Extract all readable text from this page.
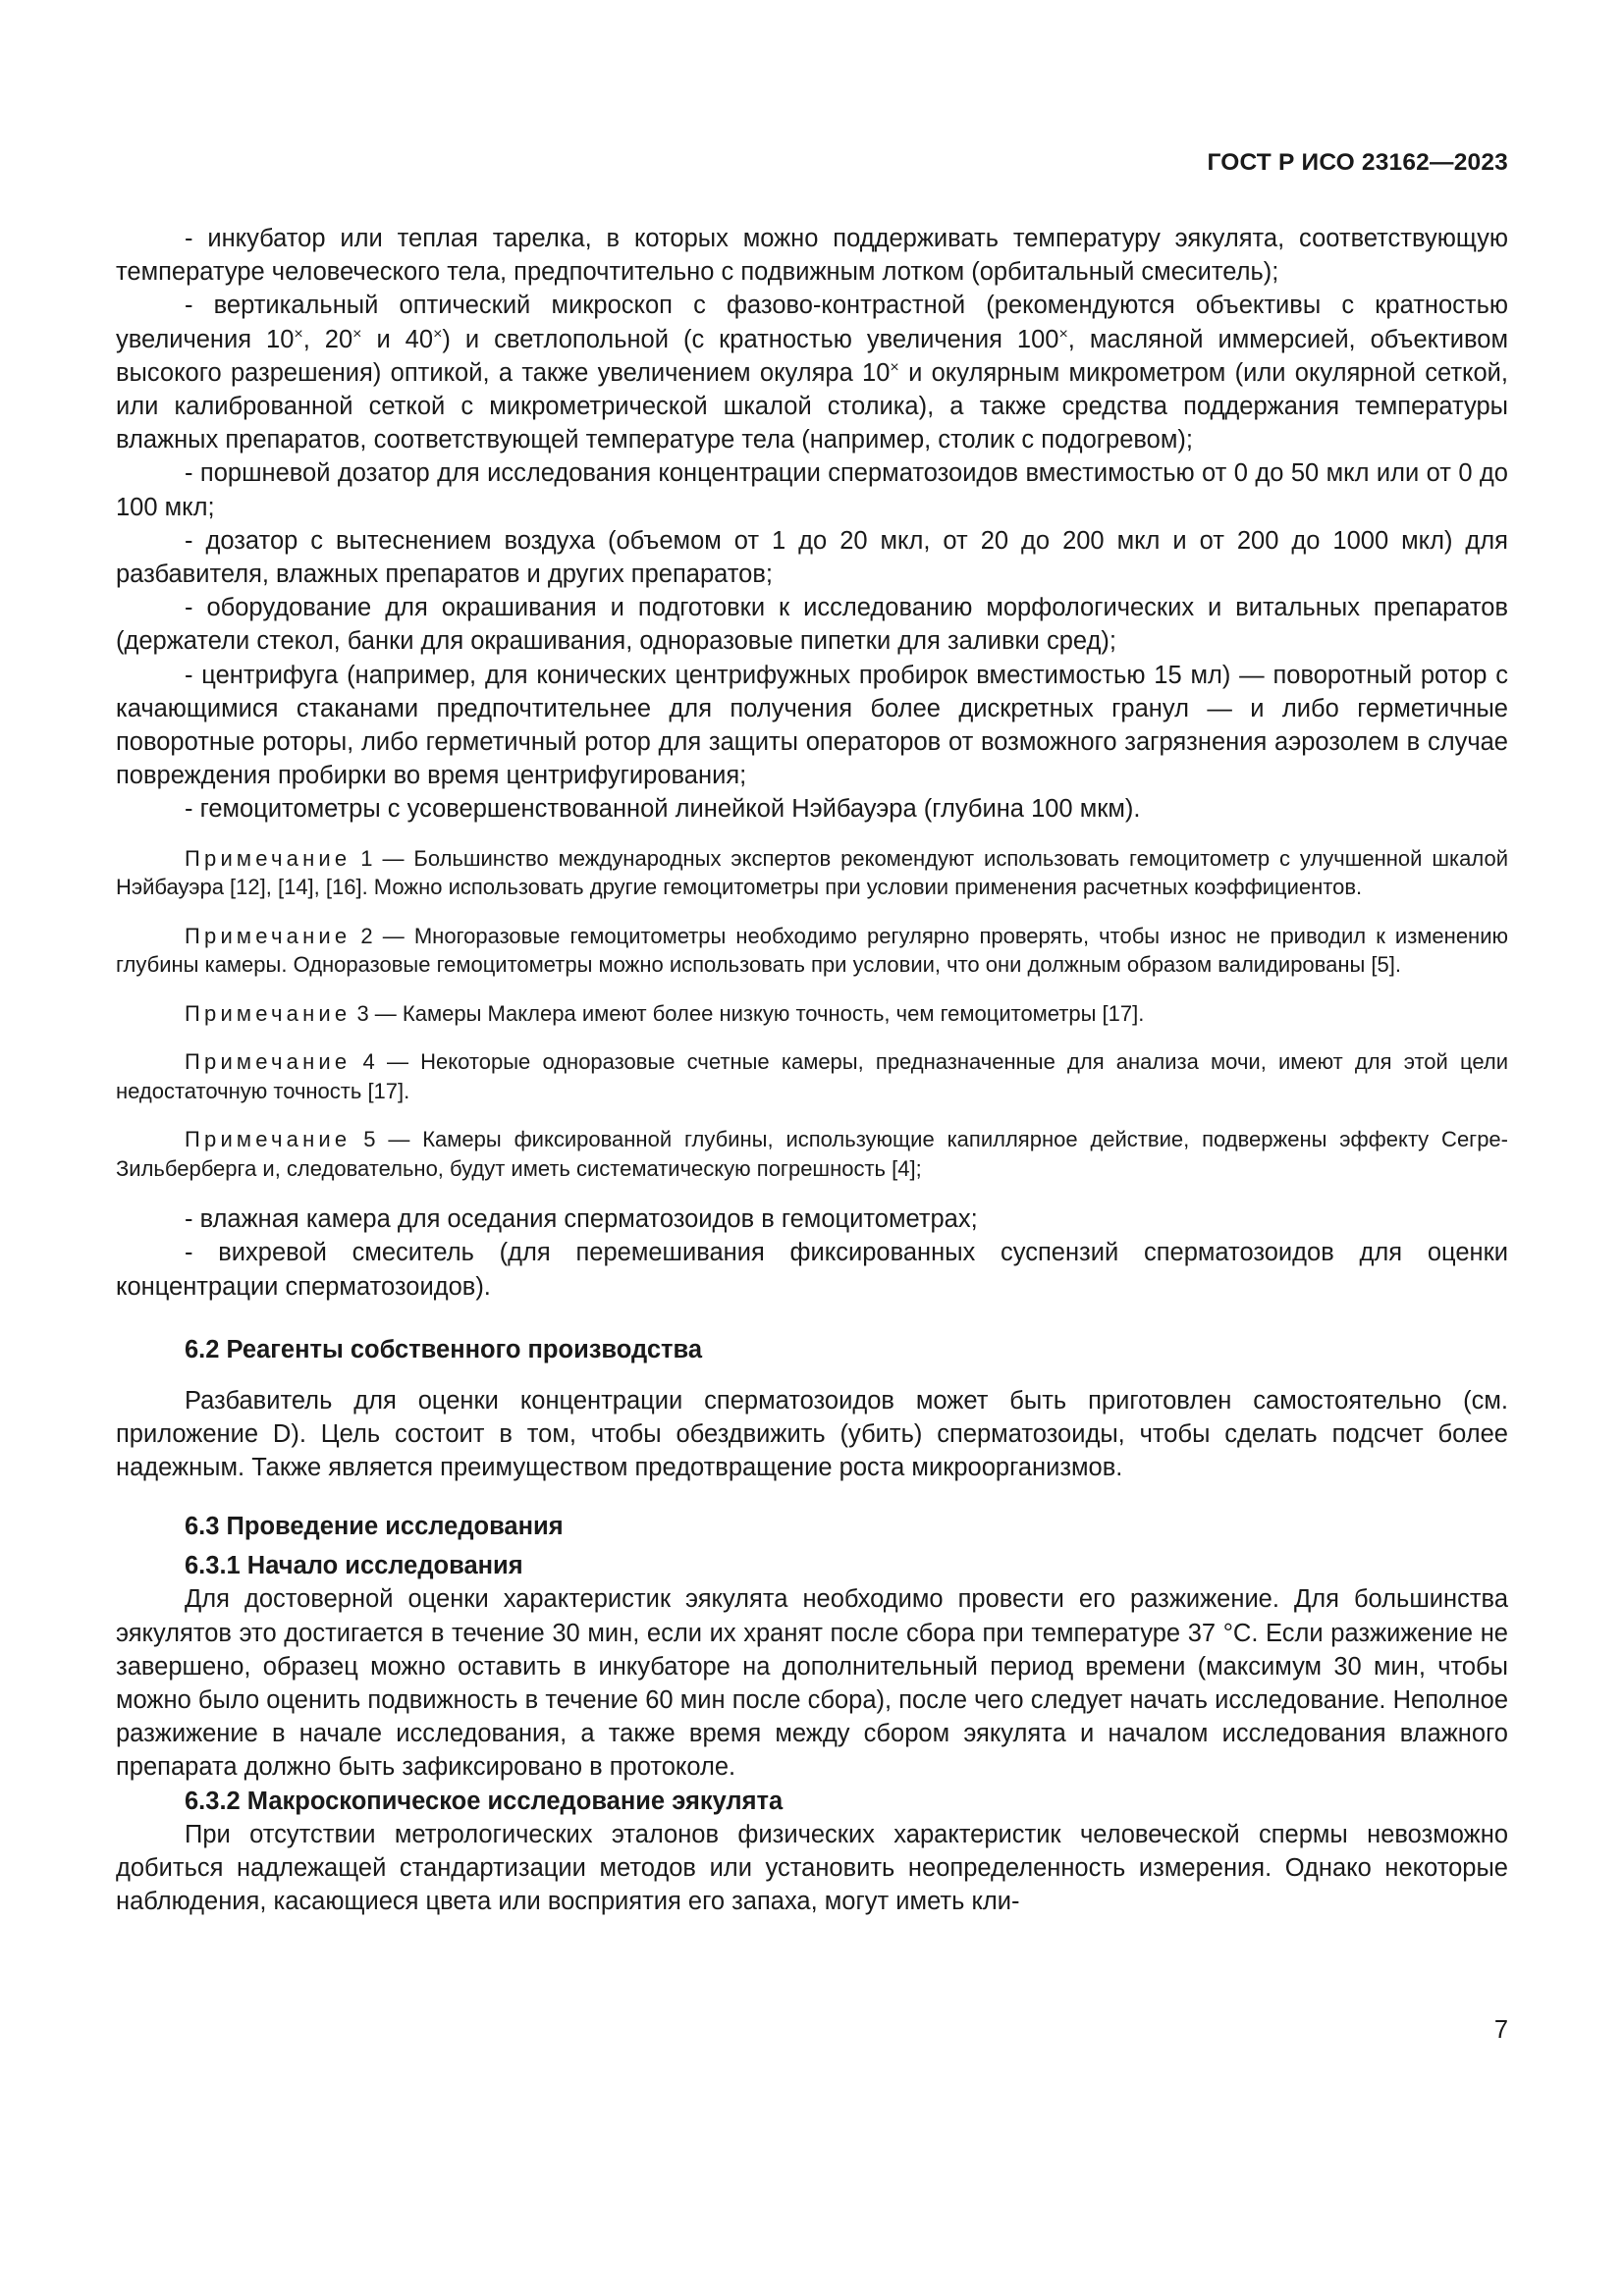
ГОСТ Р ИСО 23162—2023

- инкубатор или теплая тарелка, в которых можно поддерживать температуру эякулята, соответствующую температуре человеческого тела, предпочтительно с подвижным лотком (орбитальный смеситель);

- вертикальный оптический микроскоп с фазово-контрастной (рекомендуются объективы с кратностью увеличения 10×, 20× и 40×) и светлопольной (с кратностью увеличения 100×, масляной иммерсией, объективом высокого разрешения) оптикой, а также увеличением окуляра 10× и окулярным микрометром (или окулярной сеткой, или калиброванной сеткой с микрометрической шкалой столика), а также средства поддержания температуры влажных препаратов, соответствующей температуре тела (например, столик с подогревом);

- поршневой дозатор для исследования концентрации сперматозоидов вместимостью от 0 до 50 мкл или от 0 до 100 мкл;

- дозатор с вытеснением воздуха (объемом от 1 до 20 мкл, от 20 до 200 мкл и от 200 до 1000 мкл) для разбавителя, влажных препаратов и других препаратов;

- оборудование для окрашивания и подготовки к исследованию морфологических и витальных препаратов (держатели стекол, банки для окрашивания, одноразовые пипетки для заливки сред);

- центрифуга (например, для конических центрифужных пробирок вместимостью 15 мл) — поворотный ротор с качающимися стаканами предпочтительнее для получения более дискретных гранул — и либо герметичные поворотные роторы, либо герметичный ротор для защиты операторов от возможного загрязнения аэрозолем в случае повреждения пробирки во время центрифугирования;

- гемоцитометры с усовершенствованной линейкой Нэйбауэра (глубина 100 мкм).

Примечание 1 — Большинство международных экспертов рекомендуют использовать гемоцитометр с улучшенной шкалой Нэйбауэра [12], [14], [16]. Можно использовать другие гемоцитометры при условии применения расчетных коэффициентов.

Примечание 2 — Многоразовые гемоцитометры необходимо регулярно проверять, чтобы износ не приводил к изменению глубины камеры. Одноразовые гемоцитометры можно использовать при условии, что они должным образом валидированы [5].

Примечание 3 — Камеры Маклера имеют более низкую точность, чем гемоцитометры [17].

Примечание 4 — Некоторые одноразовые счетные камеры, предназначенные для анализа мочи, имеют для этой цели недостаточную точность [17].

Примечание 5 — Камеры фиксированной глубины, использующие капиллярное действие, подвержены эффекту Сегре-Зильберберга и, следовательно, будут иметь систематическую погрешность [4];

- влажная камера для оседания сперматозоидов в гемоцитометрах;

- вихревой смеситель (для перемешивания фиксированных суспензий сперматозоидов для оценки концентрации сперматозоидов).

6.2 Реагенты собственного производства

Разбавитель для оценки концентрации сперматозоидов может быть приготовлен самостоятельно (см. приложение D). Цель состоит в том, чтобы обездвижить (убить) сперматозоиды, чтобы сделать подсчет более надежным. Также является преимуществом предотвращение роста микроорганизмов.

6.3 Проведение исследования
6.3.1 Начало исследования

Для достоверной оценки характеристик эякулята необходимо провести его разжижение. Для большинства эякулятов это достигается в течение 30 мин, если их хранят после сбора при температуре 37 °С. Если разжижение не завершено, образец можно оставить в инкубаторе на дополнительный период времени (максимум 30 мин, чтобы можно было оценить подвижность в течение 60 мин после сбора), после чего следует начать исследование. Неполное разжижение в начале исследования, а также время между сбором эякулята и началом исследования влажного препарата должно быть зафиксировано в протоколе.

6.3.2 Макроскопическое исследование эякулята

При отсутствии метрологических эталонов физических характеристик человеческой спермы невозможно добиться надлежащей стандартизации методов или установить неопределенность измерения. Однако некоторые наблюдения, касающиеся цвета или восприятия его запаха, могут иметь кли-

7
